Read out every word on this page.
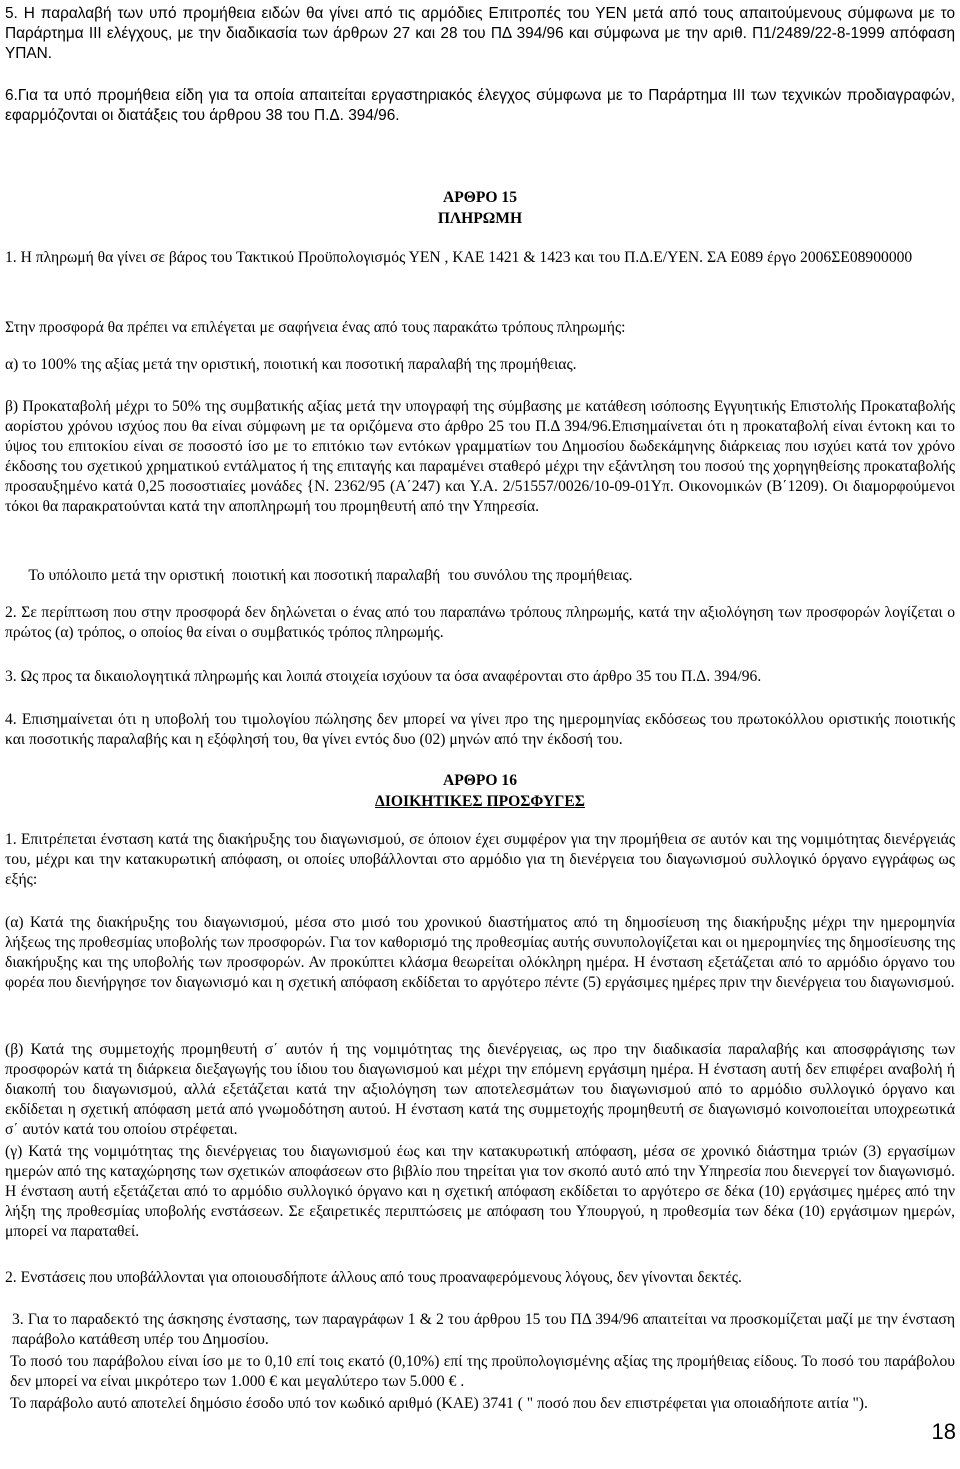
5. Η παραλαβή των υπό προμήθεια ειδών θα γίνει από τις αρμόδιες Επιτροπές του ΥΕΝ μετά από τους απαιτούμενους σύμφωνα με το Παράρτημα ΙΙΙ ελέγχους, με την διαδικασία των άρθρων 27 και 28 του ΠΔ 394/96 και σύμφωνα με την αριθ. Π1/2489/22-8-1999 απόφαση ΥΠΑΝ.

6.Για τα υπό προμήθεια είδη για τα οποία απαιτείται εργαστηριακός έλεγχος σύμφωνα με το Παράρτημα ΙΙΙ των τεχνικών προδιαγραφών, εφαρμόζονται οι διατάξεις του άρθρου 38 του Π.Δ. 394/96.

ΑΡΘΡΟ 15

ΠΛΗΡΩΜΗ

1. Η πληρωμή θα γίνει σε βάρος του Τακτικού Προϋπολογισμός ΥΕΝ , ΚΑΕ 1421 & 1423 και του Π.Δ.Ε/ΥΕΝ. ΣΑ Ε089 έργο 2006ΣΕ08900000

Στην προσφορά θα πρέπει να επιλέγεται με σαφήνεια ένας από τους παρακάτω τρόπους πληρωμής:

α) το 100% της αξίας μετά την οριστική, ποιοτική και ποσοτική παραλαβή της προμήθειας.

β) Προκαταβολή μέχρι το 50% της συμβατικής αξίας μετά την υπογραφή της σύμβασης με κατάθεση ισόποσης Εγγυητικής Επιστολής Προκαταβολής αορίστου χρόνου ισχύος που θα είναι σύμφωνη με τα οριζόμενα στο άρθρο 25 του Π.Δ 394/96.Επισημαίνεται ότι η προκαταβολή είναι έντοκη και το ύψος του επιτοκίου είναι σε ποσοστό ίσο με το επιτόκιο των εντόκων γραμματίων του Δημοσίου δωδεκάμηνης διάρκειας που ισχύει κατά τον χρόνο έκδοσης του σχετικού χρηματικού εντάλματος ή της επιταγής και παραμένει σταθερό μέχρι την εξάντληση του ποσού της χορηγηθείσης προκαταβολής προσαυξημένο κατά 0,25 ποσοστιαίες μονάδες {Ν. 2362/95 (Α΄247) και Υ.Α. 2/51557/0026/10-09-01Υπ. Οικονομικών (Β΄1209). Οι διαμορφούμενοι τόκοι θα παρακρατούνται κατά την αποπληρωμή του προμηθευτή από την Υπηρεσία.

Το υπόλοιπο μετά την οριστική  ποιοτική και ποσοτική παραλαβή  του συνόλου της προμήθειας.

2. Σε περίπτωση που στην προσφορά δεν δηλώνεται ο ένας από του παραπάνω τρόπους πληρωμής, κατά την αξιολόγηση των προσφορών λογίζεται ο πρώτος (α) τρόπος, ο οποίος θα είναι ο συμβατικός τρόπος πληρωμής.

3. Ως προς τα δικαιολογητικά πληρωμής και λοιπά στοιχεία ισχύουν τα όσα αναφέρονται στο άρθρο 35 του Π.Δ. 394/96.

4. Επισημαίνεται ότι η υποβολή του τιμολογίου πώλησης δεν μπορεί να γίνει προ της ημερομηνίας εκδόσεως του πρωτοκόλλου οριστικής ποιοτικής και ποσοτικής παραλαβής και η εξόφλησή του, θα γίνει εντός δυο (02) μηνών από την έκδοσή του.

ΑΡΘΡΟ 16

ΔΙΟΙΚΗΤΙΚΕΣ ΠΡΟΣΦΥΓΕΣ

1. Επιτρέπεται ένσταση κατά της διακήρυξης του διαγωνισμού, σε όποιον έχει συμφέρον για την προμήθεια σε αυτόν και της νομιμότητας διενέργειάς του, μέχρι και την κατακυρωτική απόφαση, οι οποίες υποβάλλονται στο αρμόδιο για τη διενέργεια του διαγωνισμού συλλογικό όργανο εγγράφως ως εξής:

(α) Κατά της διακήρυξης του διαγωνισμού, μέσα στο μισό του χρονικού διαστήματος από τη δημοσίευση της διακήρυξης μέχρι την ημερομηνία λήξεως της προθεσμίας υποβολής των προσφορών. Για τον καθορισμό της προθεσμίας αυτής συνυπολογίζεται και οι ημερομηνίες της δημοσίευσης της διακήρυξης και της υποβολής των προσφορών. Αν προκύπτει κλάσμα θεωρείται ολόκληρη ημέρα. Η ένσταση εξετάζεται από το αρμόδιο όργανο του φορέα που διενήργησε τον διαγωνισμό και η σχετική απόφαση εκδίδεται το αργότερο πέντε (5) εργάσιμες ημέρες πριν την διενέργεια του διαγωνισμού.

(β) Κατά της συμμετοχής προμηθευτή σ΄ αυτόν ή της νομιμότητας της διενέργειας, ως προ την διαδικασία παραλαβής και αποσφράγισης των προσφορών κατά τη διάρκεια διεξαγωγής του ίδιου του διαγωνισμού και μέχρι την επόμενη εργάσιμη ημέρα. Η ένσταση αυτή δεν επιφέρει αναβολή ή διακοπή του διαγωνισμού, αλλά εξετάζεται κατά την αξιολόγηση των αποτελεσμάτων του διαγωνισμού από το αρμόδιο συλλογικό όργανο και εκδίδεται η σχετική απόφαση μετά από γνωμοδότηση αυτού. Η ένσταση κατά της συμμετοχής προμηθευτή σε διαγωνισμό κοινοποιείται υποχρεωτικά σ΄ αυτόν κατά του οποίου στρέφεται.

(γ) Κατά της νομιμότητας της διενέργειας του διαγωνισμού έως και την κατακυρωτική απόφαση, μέσα σε χρονικό διάστημα τριών (3) εργασίμων ημερών από της καταχώρησης των σχετικών αποφάσεων στο βιβλίο που τηρείται για τον σκοπό αυτό από την Υπηρεσία που διενεργεί τον διαγωνισμό. Η ένσταση αυτή εξετάζεται από το αρμόδιο συλλογικό όργανο και η σχετική απόφαση εκδίδεται το αργότερο σε δέκα (10) εργάσιμες ημέρες από την λήξη της προθεσμίας υποβολής ενστάσεων. Σε εξαιρετικές περιπτώσεις με απόφαση του Υπουργού, η προθεσμία των δέκα (10) εργάσιμων ημερών, μπορεί να παραταθεί.

2. Ενστάσεις που υποβάλλονται για οποιουσδήποτε άλλους από τους προαναφερόμενους λόγους, δεν γίνονται δεκτές.

3. Για το παραδεκτό της άσκησης ένστασης, των παραγράφων 1 & 2 του άρθρου 15 του ΠΔ 394/96 απαιτείται να προσκομίζεται μαζί με την ένσταση παράβολο κατάθεση υπέρ του Δημοσίου.

Το ποσό του παράβολου είναι ίσο με το 0,10 επί τοις εκατό (0,10%) επί της προϋπολογισμένης αξίας της προμήθειας είδους. Το ποσό του παράβολου δεν μπορεί να είναι μικρότερο των 1.000 € και μεγαλύτερο των 5.000 € .

Το παράβολο αυτό αποτελεί δημόσιο έσοδο υπό τον κωδικό αριθμό (ΚΑΕ) 3741 ( " ποσό που δεν επιστρέφεται για οποιαδήποτε αιτία ").

18
